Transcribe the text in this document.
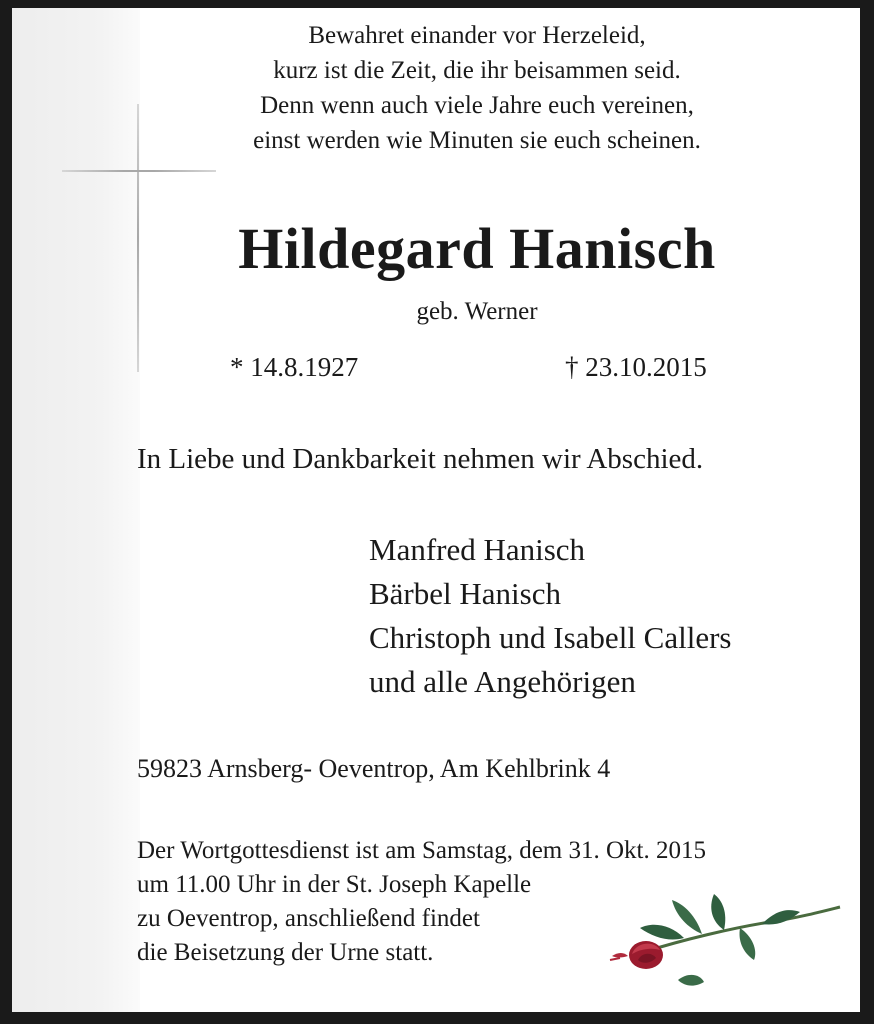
Bewahret einander vor Herzeleid,
kurz ist die Zeit, die ihr beisammen seid.
Denn wenn auch viele Jahre euch vereinen,
einst werden wie Minuten sie euch scheinen.
Hildegard Hanisch
geb. Werner
* 14.8.1927	† 23.10.2015
In Liebe und Dankbarkeit nehmen wir Abschied.
Manfred Hanisch
Bärbel Hanisch
Christoph und Isabell Callers
und alle Angehörigen
59823 Arnsberg- Oeventrop, Am Kehlbrink 4
Der Wortgottesdienst ist am Samstag, dem 31. Okt. 2015
um 11.00 Uhr in der St. Joseph Kapelle
zu Oeventrop, anschließend findet
die Beisetzung der Urne statt.
